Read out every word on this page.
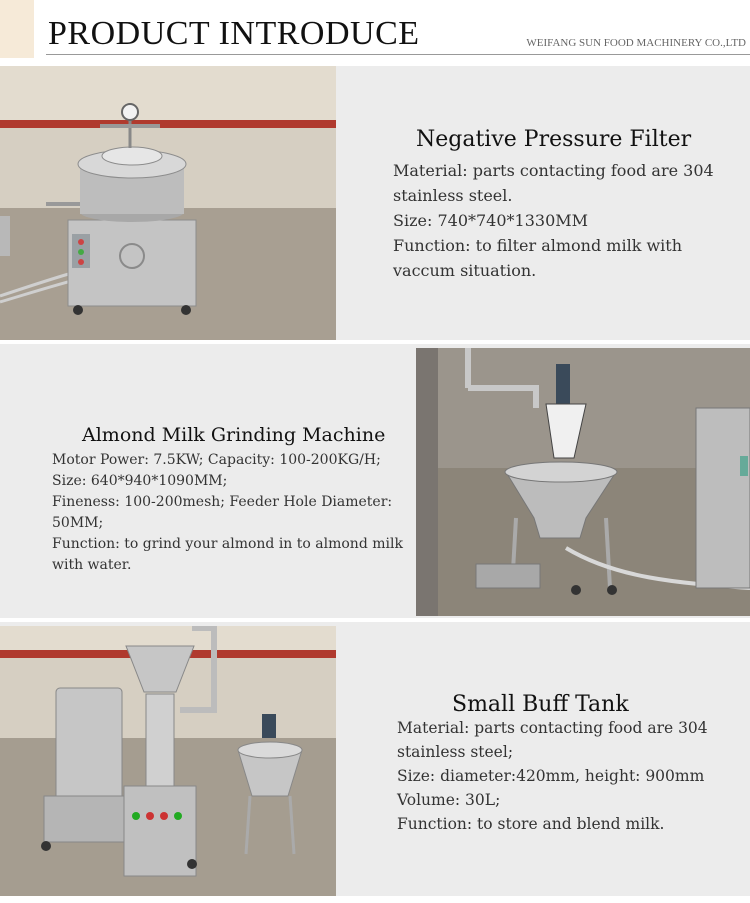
PRODUCT INTRODUCE	WEIFANG SUN FOOD MACHINERY CO.,LTD
Negative Pressure Filter
Material: parts contacting food are 304
stainless steel.
Size: 740*740*1330MM
Function: to filter almond milk with
vaccum situation.
Almond Milk Grinding Machine
Motor Power: 7.5KW; Capacity: 100-200KG/H;
Size: 640*940*1090MM;
Fineness: 100-200mesh; Feeder Hole Diameter:
50MM;
Function: to grind your almond in to almond milk
with water.
Small Buff Tank
Material: parts contacting food are 304
stainless steel;
Size: diameter:420mm, height: 900mm
Volume: 30L;
Function: to store and blend milk.
